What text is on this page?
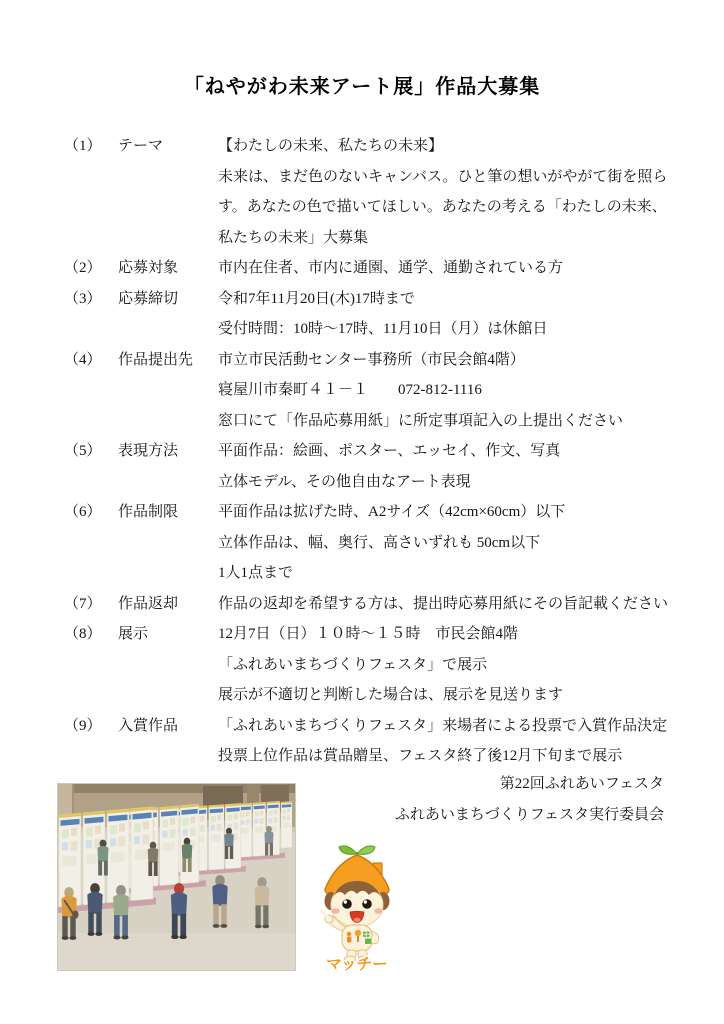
「ねやがわ未来アート展」作品大募集
（1） テーマ	【わたしの未来、私たちの未来】
未来は、まだ色のないキャンバス。ひと筆の想いがやがて街を照ら
す。あなたの色で描いてほしい。あなたの考える「わたしの未来、
私たちの未来」大募集
（2） 応募対象	市内在住者、市内に通園、通学、通勤されている方
（3） 応募締切	令和7年11月20日(木)17時まで
受付時間：10時～17時、11月10日（月）は休館日
（4） 作品提出先 市立市民活動センター事務所（市民会館4階）
寝屋川市秦町４１－１　　072-812-1116
窓口にて「作品応募用紙」に所定事項記入の上提出ください
（5） 表現方法	平面作品：絵画、ポスター、エッセイ、作文、写真
立体モデル、その他自由なアート表現
（6） 作品制限	平面作品は拡げた時、A2サイズ（42cm×60cm）以下
立体作品は、幅、奥行、高さいずれも 50cm以下
1人1点まで
（7） 作品返却	作品の返却を希望する方は、提出時応募用紙にその旨記載ください
（8） 展示	12月7日（日）１０時～１５時　市民会館4階
「ふれあいまちづくりフェスタ」で展示
展示が不適切と判断した場合は、展示を見送ります
（9） 入賞作品	「ふれあいまちづくりフェスタ」来場者による投票で入賞作品決定
投票上位作品は賞品贈呈、フェスタ終了後12月下旬まで展示
第22回ふれあいフェスタ
ふれあいまちづくりフェスタ実行委員会
マッチー
